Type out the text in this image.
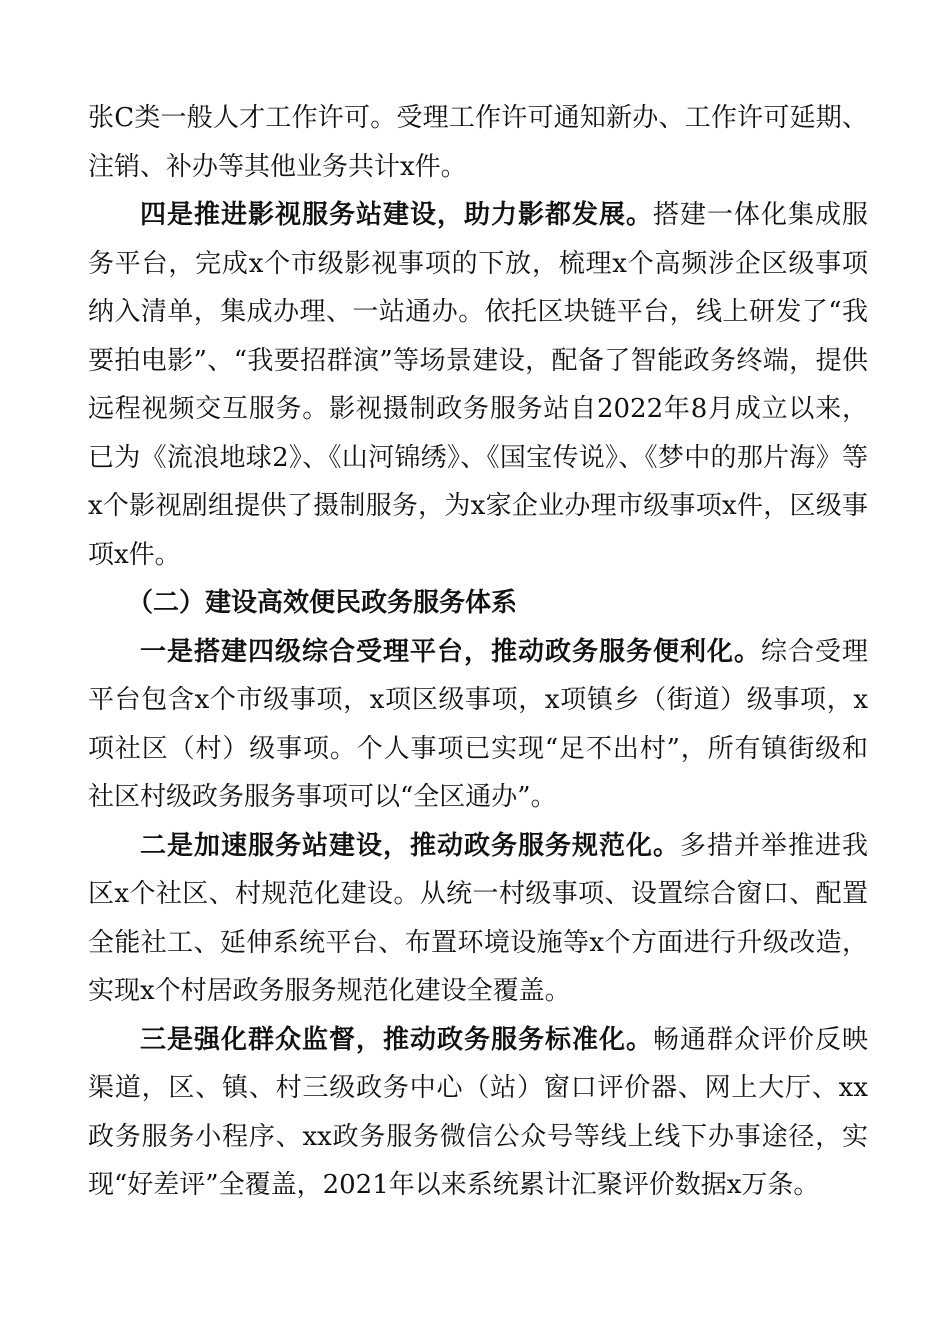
张C类一般人才工作许可。受理工作许可通知新办、工作许可延期、注销、补办等其他业务共计x件。

四是推进影视服务站建设，助力影都发展。搭建一体化集成服务平台，完成x个市级影视事项的下放，梳理x个高频涉企区级事项纳入清单，集成办理、一站通办。依托区块链平台，线上研发了“我要拍电影”、“我要招群演”等场景建设，配备了智能政务终端，提供远程视频交互服务。影视摄制政务服务站自2022年8月成立以来，已为《流浪地球2》、《山河锦绣》、《国宝传说》、《梦中的那片海》等x个影视剧组提供了摄制服务，为x家企业办理市级事项x件，区级事项x件。

（二）建设高效便民政务服务体系

一是搭建四级综合受理平台，推动政务服务便利化。综合受理平台包含x个市级事项，x项区级事项，x项镇乡（街道）级事项，x项社区（村）级事项。个人事项已实现“足不出村”，所有镇街级和社区村级政务服务事项可以“全区通办”。

二是加速服务站建设，推动政务服务规范化。多措并举推进我区x个社区、村规范化建设。从统一村级事项、设置综合窗口、配置全能社工、延伸系统平台、布置环境设施等x个方面进行升级改造，实现x个村居政务服务规范化建设全覆盖。

三是强化群众监督，推动政务服务标准化。畅通群众评价反映渠道，区、镇、村三级政务中心（站）窗口评价器、网上大厅、xx政务服务小程序、xx政务服务微信公众号等线上线下办事途径，实现“好差评”全覆盖，2021年以来系统累计汇聚评价数据x万条。
